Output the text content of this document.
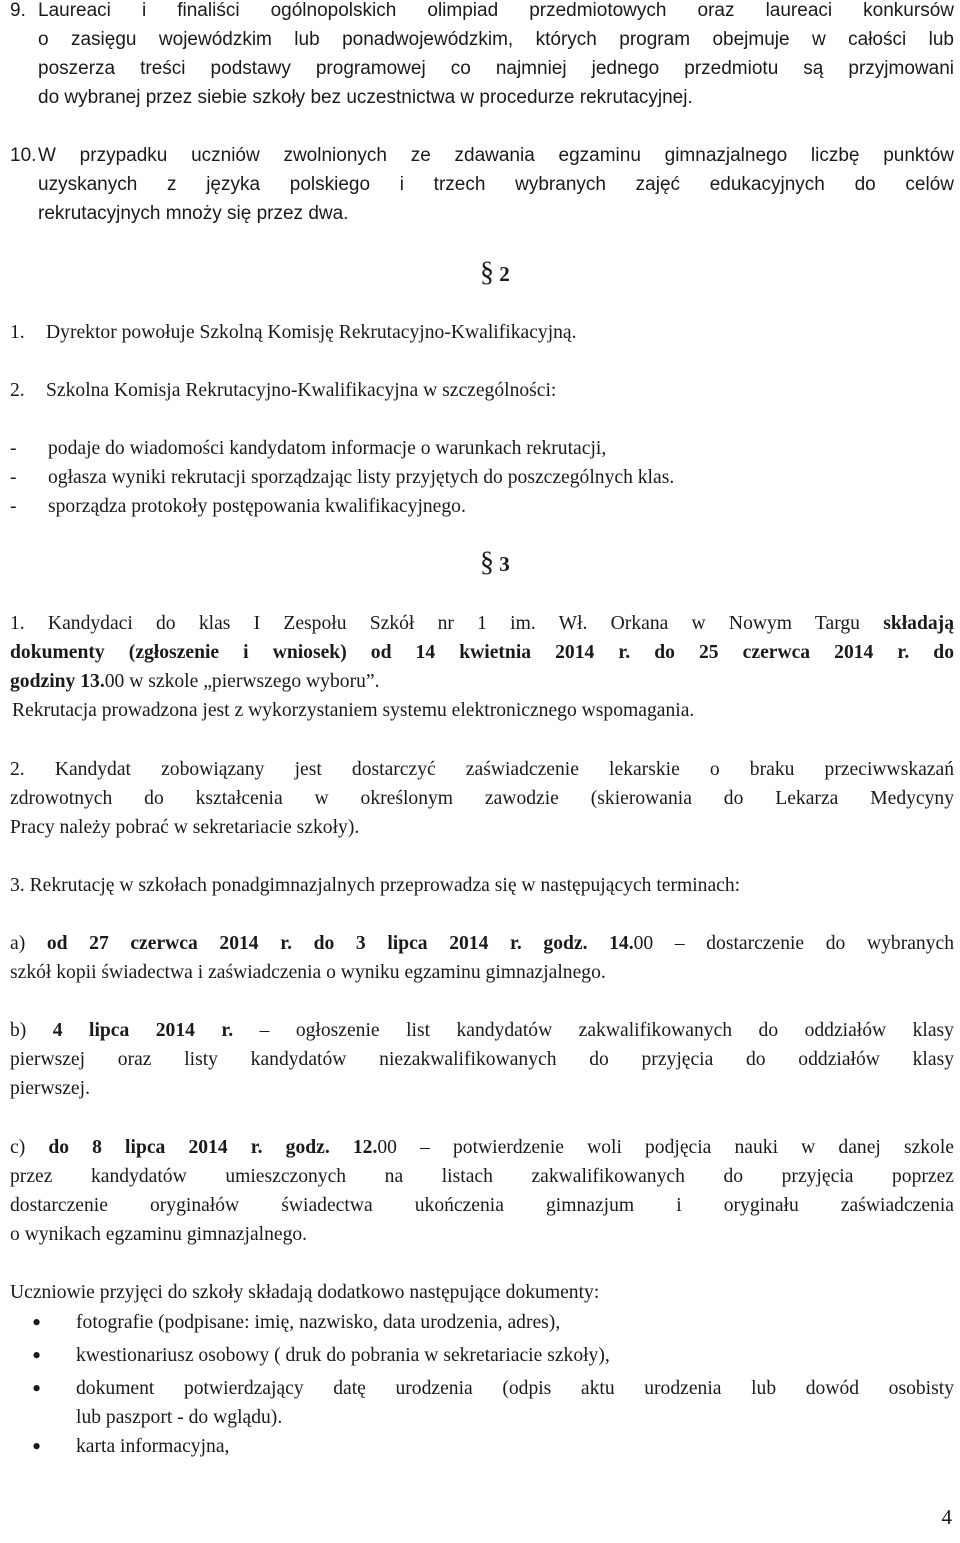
9. Laureaci i finaliści ogólnopolskich olimpiad przedmiotowych oraz laureaci konkursów
o zasięgu wojewódzkim lub ponadwojewódzkim, których program obejmuje w całości lub
poszerza treści podstawy programowej co najmniej jednego przedmiotu są przyjmowani
do wybranej przez siebie szkoły bez uczestnictwa w procedurze rekrutacyjnej.
10. W przypadku uczniów zwolnionych ze zdawania egzaminu gimnazjalnego liczbę punktów
uzyskanych z języka polskiego i trzech wybranych zajęć edukacyjnych do celów
rekrutacyjnych mnoży się przez dwa.
§ 2
1.	Dyrektor powołuje Szkolną Komisję Rekrutacyjno-Kwalifikacyjną.
2.	Szkolna Komisja Rekrutacyjno-Kwalifikacyjna w szczególności:
-	podaje do wiadomości kandydatom informacje o warunkach rekrutacji,
-	ogłasza wyniki rekrutacji sporządzając listy przyjętych do poszczególnych klas.
-	sporządza protokoły postępowania kwalifikacyjnego.
§ 3
1. Kandydaci do klas I Zespołu Szkół nr 1 im. Wł. Orkana w Nowym Targu składają
dokumenty (zgłoszenie i wniosek) od 14 kwietnia 2014 r. do 25 czerwca 2014 r. do
godziny 13.00 w szkole „pierwszego wyboru”.
Rekrutacja prowadzona jest z wykorzystaniem systemu elektronicznego wspomagania.
2. Kandydat zobowiązany jest dostarczyć zaświadczenie lekarskie o braku przeciwwskazań
zdrowotnych do kształcenia w określonym zawodzie (skierowania do Lekarza Medycyny
Pracy należy pobrać w sekretariacie szkoły).
3. Rekrutację w szkołach ponadgimnazjalnych przeprowadza się w następujących terminach:
a) od 27 czerwca 2014 r. do 3 lipca 2014 r. godz. 14.00 – dostarczenie do wybranych
szkół kopii świadectwa i zaświadczenia o wyniku egzaminu gimnazjalnego.
b) 4 lipca 2014 r. – ogłoszenie list kandydatów zakwalifikowanych do oddziałów klasy
pierwszej oraz listy kandydatów niezakwalifikowanych do przyjęcia do oddziałów klasy
pierwszej.
c) do 8 lipca 2014 r. godz. 12.00 – potwierdzenie woli podjęcia nauki w danej szkole
przez kandydatów umieszczonych na listach zakwalifikowanych do przyjęcia poprzez
dostarczenie oryginałów świadectwa ukończenia gimnazjum i oryginału zaświadczenia
o wynikach egzaminu gimnazjalnego.
Uczniowie przyjęci do szkoły składają dodatkowo następujące dokumenty:
•	fotografie (podpisane: imię, nazwisko, data urodzenia, adres),
•	kwestionariusz osobowy ( druk do pobrania w sekretariacie szkoły),
•	dokument potwierdzający datę urodzenia (odpis aktu urodzenia lub dowód osobisty
lub paszport - do wglądu).
•	karta informacyjna,
4
